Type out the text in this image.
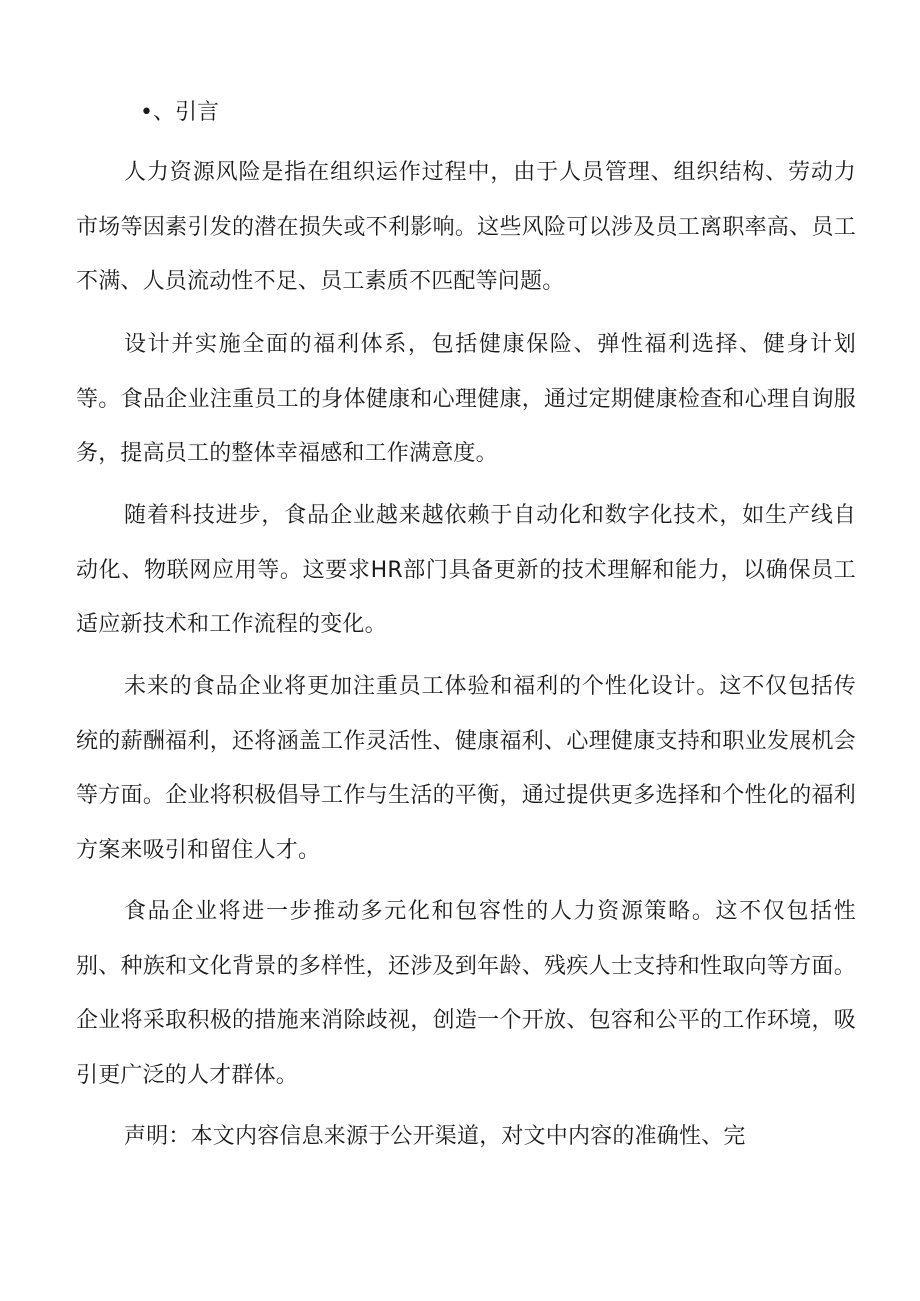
•、引言

人力资源风险是指在组织运作过程中，由于人员管理、组织结构、劳动力市场等因素引发的潜在损失或不利影响。这些风险可以涉及员工离职率高、员工不满、人员流动性不足、员工素质不匹配等问题。

设计并实施全面的福利体系，包括健康保险、弹性福利选择、健身计划等。食品企业注重员工的身体健康和心理健康，通过定期健康检查和心理自询服务，提高员工的整体幸福感和工作满意度。

随着科技进步，食品企业越来越依赖于自动化和数字化技术，如生产线自动化、物联网应用等。这要求HR部门具备更新的技术理解和能力，以确保员工适应新技术和工作流程的变化。

未来的食品企业将更加注重员工体验和福利的个性化设计。这不仅包括传统的薪酬福利，还将涵盖工作灵活性、健康福利、心理健康支持和职业发展机会等方面。企业将积极倡导工作与生活的平衡，通过提供更多选择和个性化的福利方案来吸引和留住人才。

食品企业将进一步推动多元化和包容性的人力资源策略。这不仅包括性别、种族和文化背景的多样性，还涉及到年龄、残疾人士支持和性取向等方面。企业将采取积极的措施来消除歧视，创造一个开放、包容和公平的工作环境，吸引更广泛的人才群体。

声明：本文内容信息来源于公开渠道，对文中内容的准确性、完
